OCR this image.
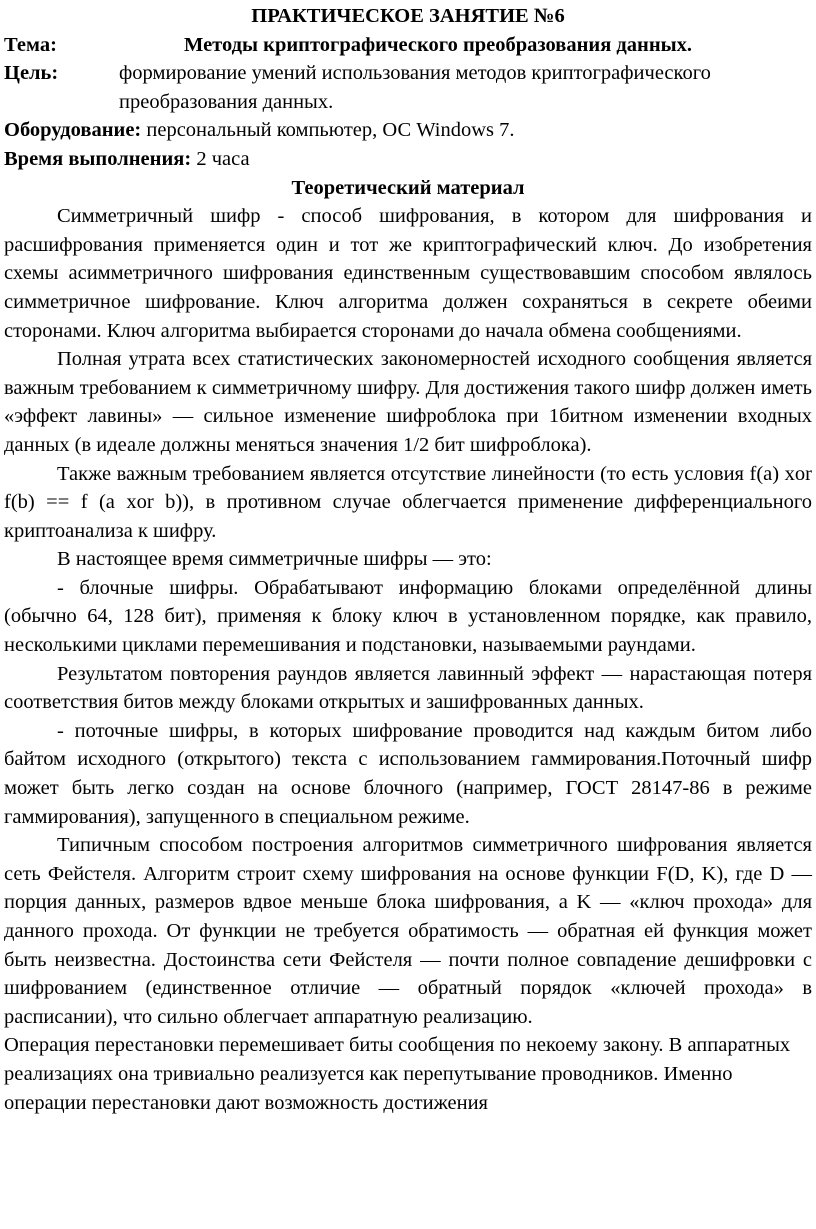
ПРАКТИЧЕСКОЕ ЗАНЯТИЕ №6
Тема:	Методы криптографического преобразования данных.
Цель:	формирование умений использования методов криптографического преобразования данных.
Оборудование: персональный компьютер, ОС Windows 7.
Время выполнения: 2 часа
Теоретический материал

Симметричный шифр - способ шифрования, в котором для шифрования и расшифрования применяется один и тот же криптографический ключ. До изобретения схемы асимметричного шифрования единственным существовавшим способом являлось симметричное шифрование. Ключ алгоритма должен сохраняться в секрете обеими сторонами. Ключ алгоритма выбирается сторонами до начала обмена сообщениями.

Полная утрата всех статистических закономерностей исходного сообщения является важным требованием к симметричному шифру. Для достижения такого шифр должен иметь «эффект лавины» — сильное изменение шифроблока при 1битном изменении входных данных (в идеале должны меняться значения 1/2 бит шифроблока).

Также важным требованием является отсутствие линейности (то есть условия f(a) xor f(b) == f (a xor b)), в противном случае облегчается применение дифференциального криптоанализа к шифру.

В настоящее время симметричные шифры — это:

- блочные шифры. Обрабатывают информацию блоками определённой длины (обычно 64, 128 бит), применяя к блоку ключ в установленном порядке, как правило, несколькими циклами перемешивания и подстановки, называемыми раундами.

Результатом повторения раундов является лавинный эффект — нарастающая потеря соответствия битов между блоками открытых и зашифрованных данных.

- поточные шифры, в которых шифрование проводится над каждым битом либо байтом исходного (открытого) текста с использованием гаммирования.Поточный шифр может быть легко создан на основе блочного (например, ГОСТ 28147-86 в режиме гаммирования), запущенного в специальном режиме.

Типичным способом построения алгоритмов симметричного шифрования является сеть Фейстеля. Алгоритм строит схему шифрования на основе функции F(D, K), где D — порция данных, размеров вдвое меньше блока шифрования, а K — «ключ прохода» для данного прохода. От функции не требуется обратимость — обратная ей функция может быть неизвестна. Достоинства сети Фейстеля — почти полное совпадение дешифровки с шифрованием (единственное отличие — обратный порядок «ключей прохода» в расписании), что сильно облегчает аппаратную реализацию.

Операция перестановки перемешивает биты сообщения по некоему закону. В аппаратных реализациях она тривиально реализуется как перепутывание проводников. Именно операции перестановки дают возможность достижения
